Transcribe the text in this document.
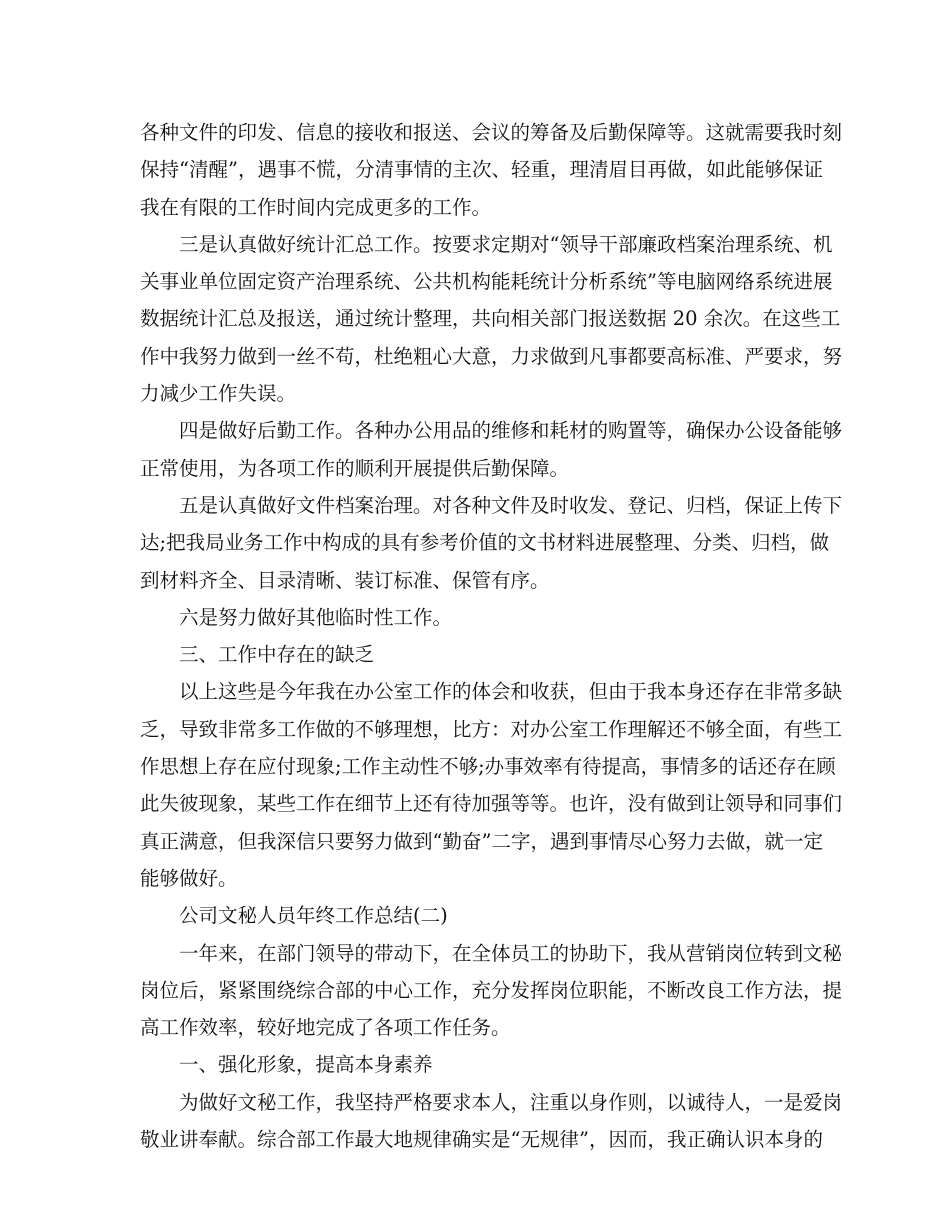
各种文件的印发、信息的接收和报送、会议的筹备及后勤保障等。这就需要我时刻
保持“清醒”，遇事不慌，分清事情的主次、轻重，理清眉目再做，如此能够保证
我在有限的工作时间内完成更多的工作。
三是认真做好统计汇总工作。按要求定期对“领导干部廉政档案治理系统、机
关事业单位固定资产治理系统、公共机构能耗统计分析系统”等电脑网络系统进展
数据统计汇总及报送，通过统计整理，共向相关部门报送数据 20 余次。在这些工
作中我努力做到一丝不苟，杜绝粗心大意，力求做到凡事都要高标准、严要求，努
力减少工作失误。
四是做好后勤工作。各种办公用品的维修和耗材的购置等，确保办公设备能够
正常使用，为各项工作的顺利开展提供后勤保障。
五是认真做好文件档案治理。对各种文件及时收发、登记、归档，保证上传下
达;把我局业务工作中构成的具有参考价值的文书材料进展整理、分类、归档，做
到材料齐全、目录清晰、装订标准、保管有序。
六是努力做好其他临时性工作。
三、工作中存在的缺乏
以上这些是今年我在办公室工作的体会和收获，但由于我本身还存在非常多缺
乏，导致非常多工作做的不够理想，比方：对办公室工作理解还不够全面，有些工
作思想上存在应付现象;工作主动性不够;办事效率有待提高，事情多的话还存在顾
此失彼现象，某些工作在细节上还有待加强等等。也许，没有做到让领导和同事们
真正满意，但我深信只要努力做到“勤奋”二字，遇到事情尽心努力去做，就一定
能够做好。
公司文秘人员年终工作总结(二)
一年来，在部门领导的带动下，在全体员工的协助下，我从营销岗位转到文秘
岗位后，紧紧围绕综合部的中心工作，充分发挥岗位职能，不断改良工作方法，提
高工作效率，较好地完成了各项工作任务。
一、强化形象，提高本身素养
为做好文秘工作，我坚持严格要求本人，注重以身作则，以诚待人，一是爱岗
敬业讲奉献。综合部工作最大地规律确实是“无规律”，因而，我正确认识本身的
